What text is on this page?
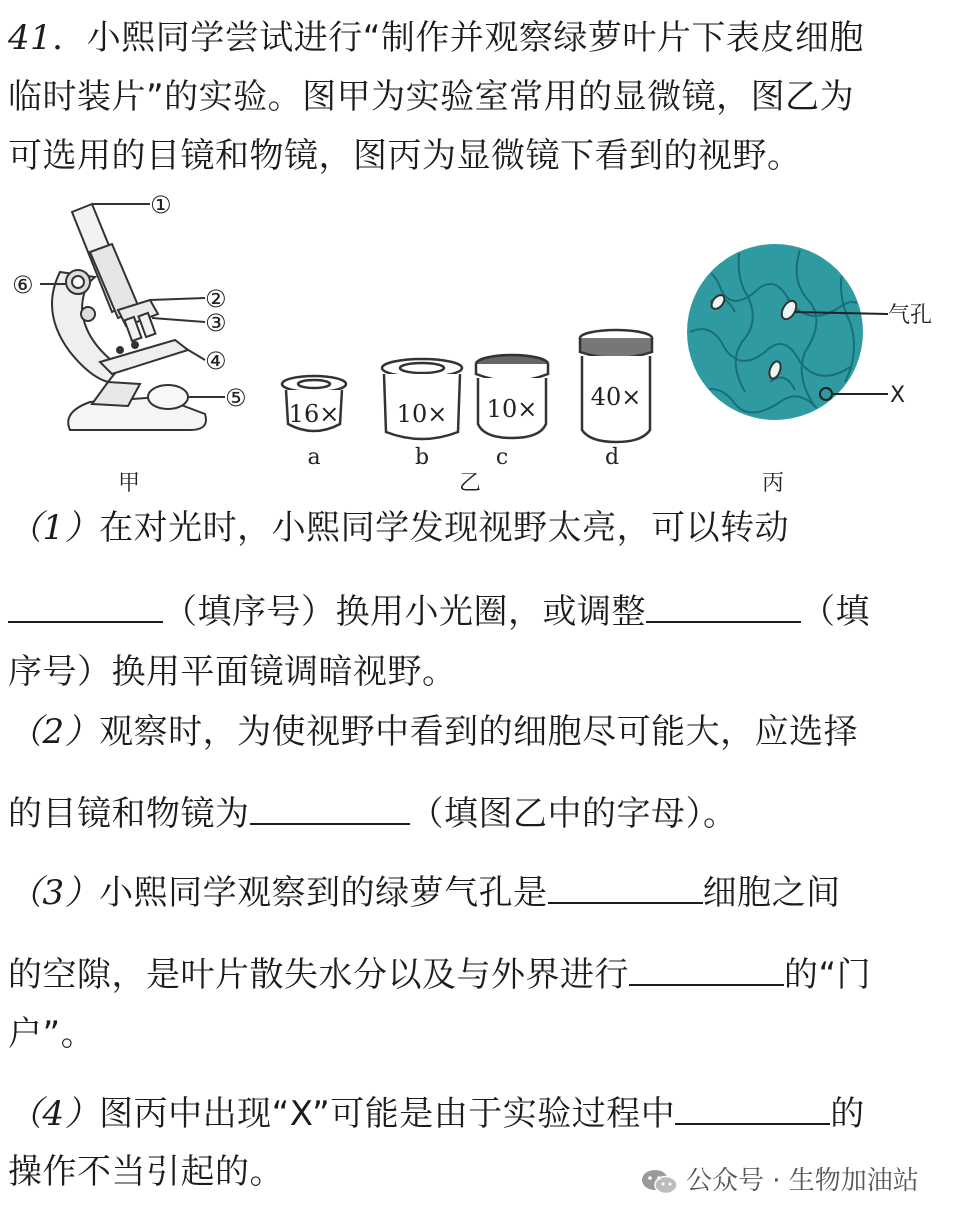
41．小熙同学尝试进行“制作并观察绿萝叶片下表皮细胞
临时装片”的实验。图甲为实验室常用的显微镜，图乙为
可选用的目镜和物镜，图丙为显微镜下看到的视野。
①
②
③
④
⑤
⑥
甲
16× 10× 10× 40×
a	b	c	d
乙
气孔
X
丙
（1）在对光时，小熙同学发现视野太亮，可以转动
（填序号）换用小光圈，或调整	（填
序号）换用平面镜调暗视野。
（2）观察时，为使视野中看到的细胞尽可能大，应选择
的目镜和物镜为	（填图乙中的字母）。
（3）小熙同学观察到的绿萝气孔是	细胞之间
的空隙，是叶片散失水分以及与外界进行	的“门
户”。
（4）图丙中出现“X”可能是由于实验过程中	的
操作不当引起的。	公众号 · 生物加油站
